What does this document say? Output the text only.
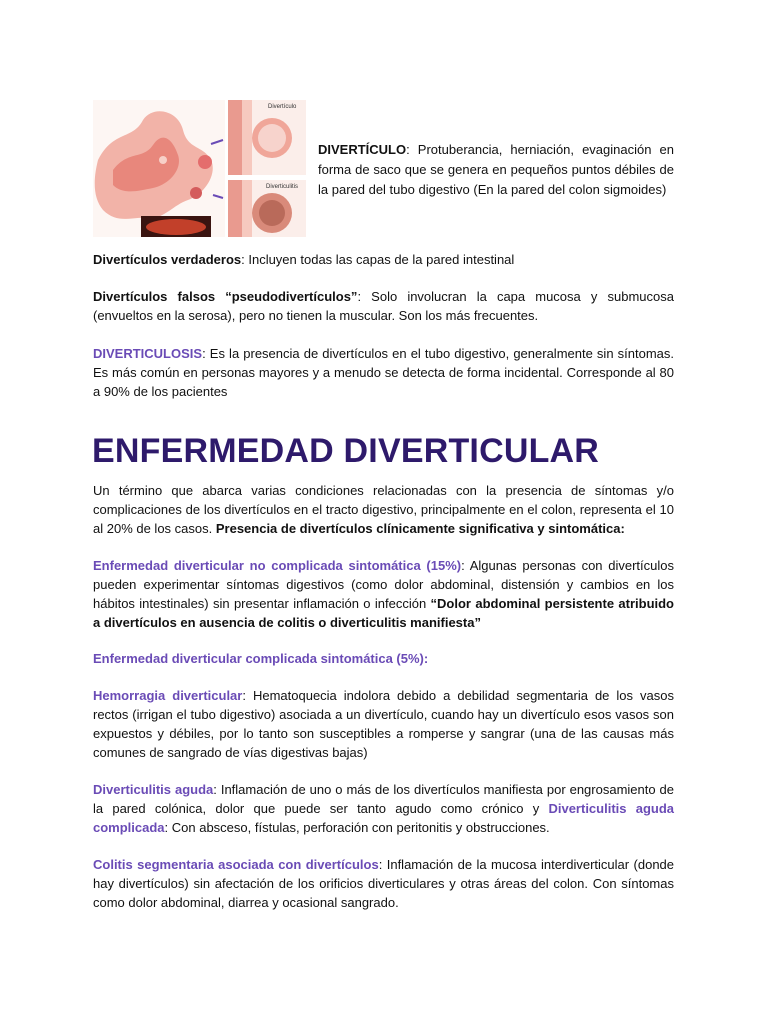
Divertículo
Diverticulitis

DIVERTÍCULO: Protuberancia, herniación, evaginación en forma de saco que se genera en pequeños puntos débiles de la pared del tubo digestivo (En la pared del colon sigmoides)

Divertículos verdaderos: Incluyen todas las capas de la pared intestinal

Divertículos falsos “pseudodivertículos”: Solo involucran la capa mucosa y submucosa (envueltos en la serosa), pero no tienen la muscular. Son los más frecuentes.

DIVERTICULOSIS: Es la presencia de divertículos en el tubo digestivo, generalmente sin síntomas. Es más común en personas mayores y a menudo se detecta de forma incidental. Corresponde al 80 a 90% de los pacientes

ENFERMEDAD DIVERTICULAR

Un término que abarca varias condiciones relacionadas con la presencia de síntomas y/o complicaciones de los divertículos en el tracto digestivo, principalmente en el colon, representa el 10 al 20% de los casos. Presencia de divertículos clínicamente significativa y sintomática:

Enfermedad diverticular no complicada sintomática (15%): Algunas personas con divertículos pueden experimentar síntomas digestivos (como dolor abdominal, distensión y cambios en los hábitos intestinales) sin presentar inflamación o infección “Dolor abdominal persistente atribuido a divertículos en ausencia de colitis o diverticulitis manifiesta”

Enfermedad diverticular complicada sintomática (5%):

Hemorragia diverticular: Hematoquecia indolora debido a debilidad segmentaria de los vasos rectos (irrigan el tubo digestivo) asociada a un divertículo, cuando hay un divertículo esos vasos son expuestos y débiles, por lo tanto son susceptibles a romperse y sangrar (una de las causas más comunes de sangrado de vías digestivas bajas)

Diverticulitis aguda: Inflamación de uno o más de los divertículos manifiesta por engrosamiento de la pared colónica, dolor que puede ser tanto agudo como crónico y Diverticulitis aguda complicada: Con absceso, fístulas, perforación con peritonitis y obstrucciones.

Colitis segmentaria asociada con divertículos: Inflamación de la mucosa interdiverticular (donde hay divertículos) sin afectación de los orificios diverticulares y otras áreas del colon. Con síntomas como dolor abdominal, diarrea y ocasional sangrado.
